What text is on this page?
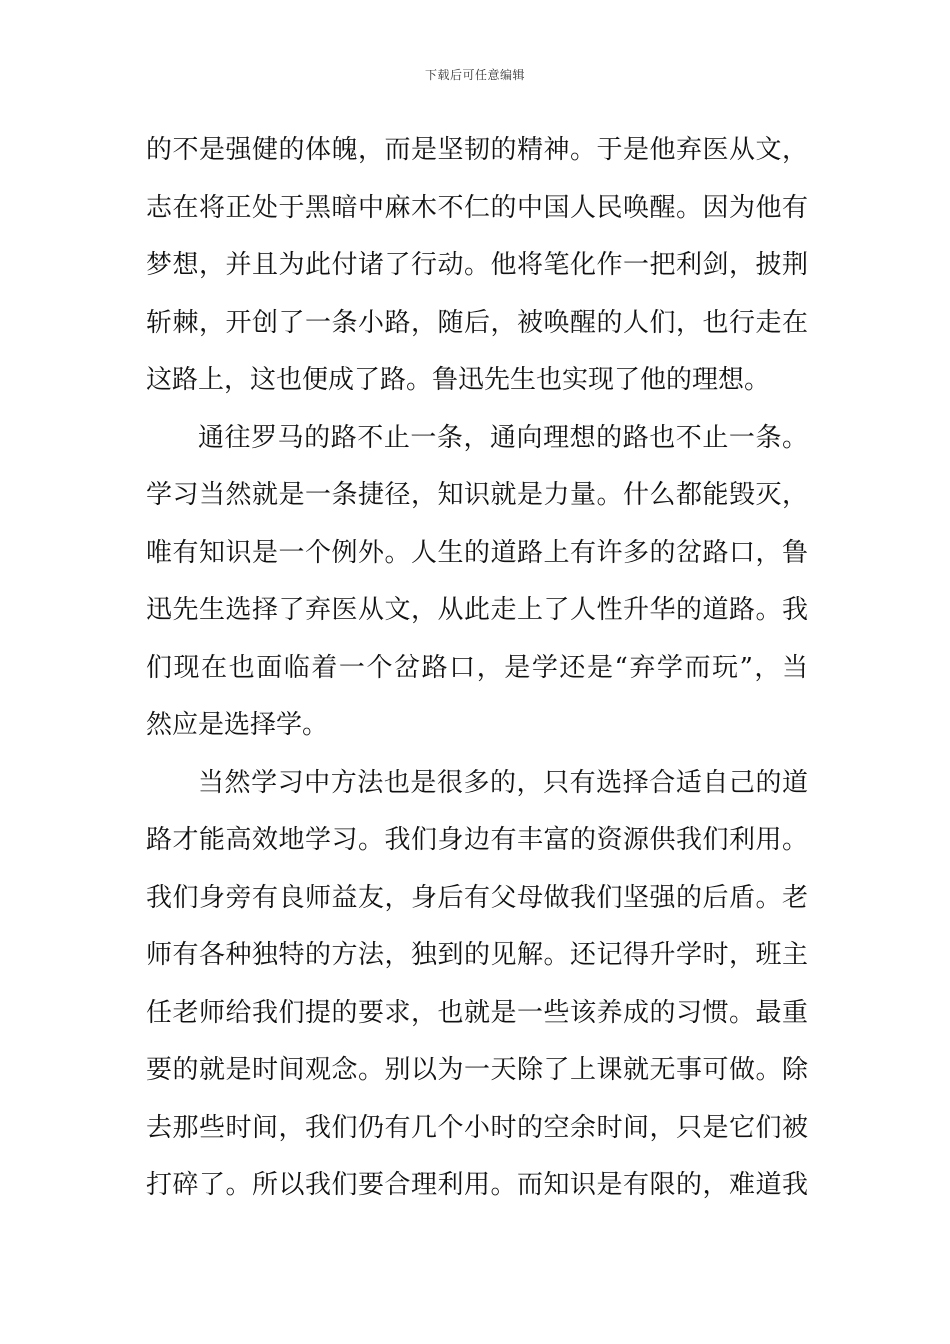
下载后可任意编辑
的不是强健的体魄，而是坚韧的精神。于是他弃医从文，
志在将正处于黑暗中麻木不仁的中国人民唤醒。因为他有
梦想，并且为此付诸了行动。他将笔化作一把利剑，披荆
斩棘，开创了一条小路，随后，被唤醒的人们，也行走在
这路上，这也便成了路。鲁迅先生也实现了他的理想。
通往罗马的路不止一条，通向理想的路也不止一条。
学习当然就是一条捷径，知识就是力量。什么都能毁灭，
唯有知识是一个例外。人生的道路上有许多的岔路口，鲁
迅先生选择了弃医从文，从此走上了人性升华的道路。我
们现在也面临着一个岔路口，是学还是“弃学而玩”，当
然应是选择学。
当然学习中方法也是很多的，只有选择合适自己的道
路才能高效地学习。我们身边有丰富的资源供我们利用。
我们身旁有良师益友，身后有父母做我们坚强的后盾。老
师有各种独特的方法，独到的见解。还记得升学时，班主
任老师给我们提的要求，也就是一些该养成的习惯。最重
要的就是时间观念。别以为一天除了上课就无事可做。除
去那些时间，我们仍有几个小时的空余时间，只是它们被
打碎了。所以我们要合理利用。而知识是有限的，难道我
